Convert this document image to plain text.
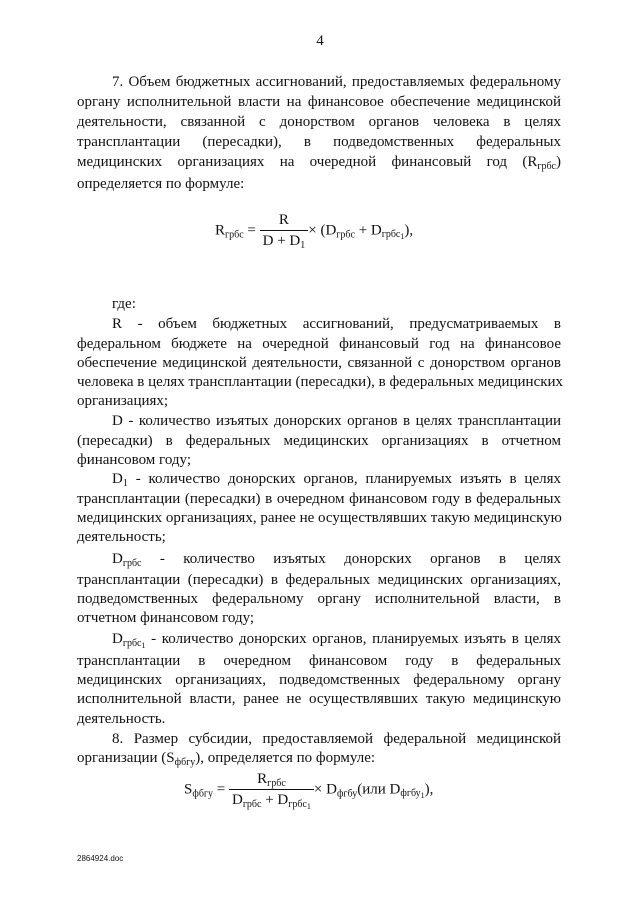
4
7. Объем бюджетных ассигнований, предоставляемых федеральному
органу исполнительной власти на финансовое обеспечение медицинской
деятельности, связанной с донорством органов человека в целях
трансплантации (пересадки), в подведомственных федеральных
медицинских организациях на очередной финансовый год $(R_{грбс})$
определяется по формуле:
$R_{грбс} = \frac{R}{D + D_1} \times (D_{грбс} + D_{грбс_1})$,
где:
R - объем бюджетных ассигнований, предусматриваемых в
федеральном бюджете на очередной финансовый год на финансовое
обеспечение медицинской деятельности, связанной с донорством органов
человека в целях трансплантации (пересадки), в федеральных медицинских
организациях;
D - количество изъятых донорских органов в целях трансплантации
(пересадки) в федеральных медицинских организациях в отчетном
финансовом году;
$D_1$ - количество донорских органов, планируемых изъять в целях
трансплантации (пересадки) в очередном финансовом году в федеральных
медицинских организациях, ранее не осуществлявших такую медицинскую
деятельность;
$D_{грбс}$ - количество изъятых донорских органов в целях
трансплантации (пересадки) в федеральных медицинских организациях,
подведомственных федеральному органу исполнительной власти, в
отчетном финансовом году;
$D_{грбс_1}$ - количество донорских органов, планируемых изъять в целях
трансплантации в очередном финансовом году в федеральных
медицинских организациях, подведомственных федеральному органу
исполнительной власти, ранее не осуществлявших такую медицинскую
деятельность.
8. Размер субсидии, предоставляемой федеральной медицинской
организации $(S_{фбгу})$, определяется по формуле:
$S_{фбгу} = \frac{R_{грбс}}{D_{грбс} + D_{грбс_1}} \times D_{фгбу}(или$ $D_{фгбу_1}$),
2864924.doc
